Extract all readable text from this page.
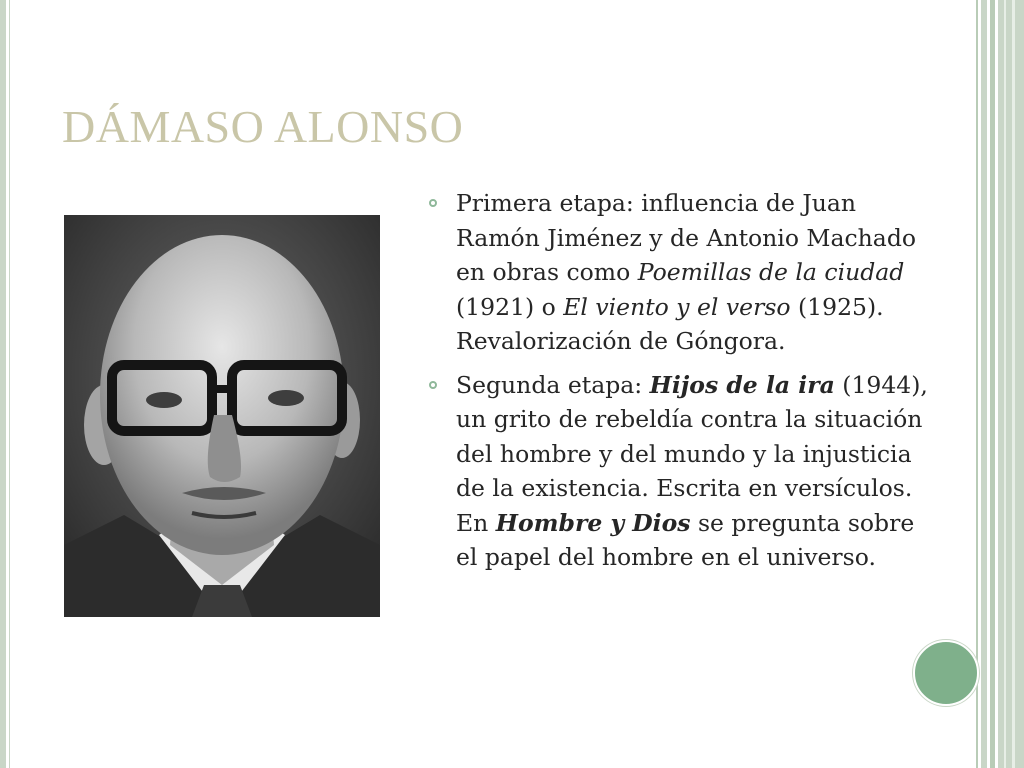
DÁMASO ALONSO

Primera etapa: influencia de Juan Ramón Jiménez y de Antonio Machado en obras como Poemillas de la ciudad (1921) o El viento y el verso (1925). Revalorización de Góngora.

Segunda etapa: Hijos de la ira (1944), un grito de rebeldía contra la situación del hombre y del mundo y la injusticia de la existencia. Escrita en versículos. En Hombre y Dios se pregunta sobre el papel del hombre en el universo.
